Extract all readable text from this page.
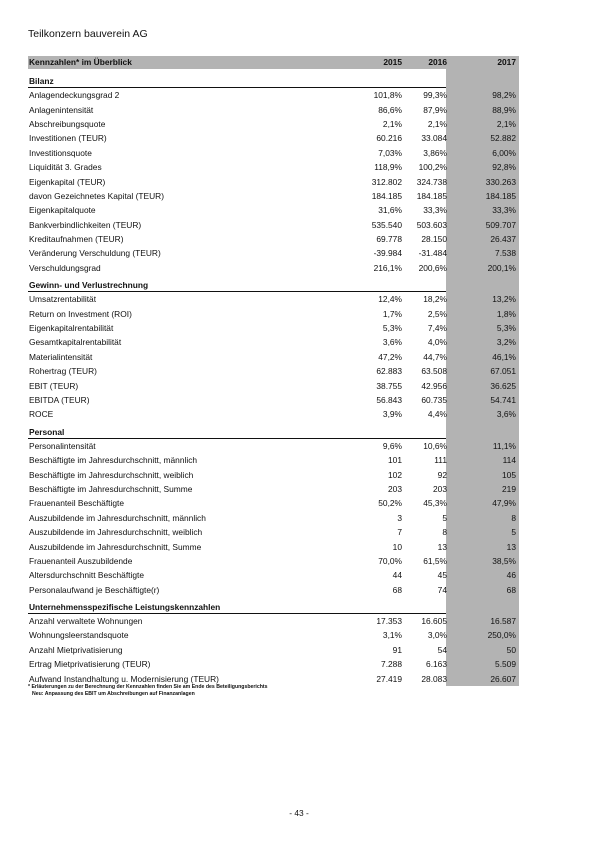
Teilkonzern bauverein AG
Kennzahlen* im Überblick	2015	2016	2017
Bilanz
Anlagendeckungsgrad 2	101,8%	99,3%	98,2%
Anlagenintensität	86,6%	87,9%	88,9%
Abschreibungsquote	2,1%	2,1%	2,1%
Investitionen (TEUR)	60.216	33.084	52.882
Investitionsquote	7,03%	3,86%	6,00%
Liquidität 3. Grades	118,9%	100,2%	92,8%
Eigenkapital (TEUR)	312.802	324.738	330.263
davon Gezeichnetes Kapital (TEUR)	184.185	184.185	184.185
Eigenkapitalquote	31,6%	33,3%	33,3%
Bankverbindlichkeiten (TEUR)	535.540	503.603	509.707
Kreditaufnahmen (TEUR)	69.778	28.150	26.437
Veränderung Verschuldung (TEUR)	-39.984	-31.484	7.538
Verschuldungsgrad	216,1%	200,6%	200,1%
Gewinn- und Verlustrechnung
Umsatzrentabilität	12,4%	18,2%	13,2%
Return on Investment (ROI)	1,7%	2,5%	1,8%
Eigenkapitalrentabilität	5,3%	7,4%	5,3%
Gesamtkapitalrentabilität	3,6%	4,0%	3,2%
Materialintensität	47,2%	44,7%	46,1%
Rohertrag (TEUR)	62.883	63.508	67.051
EBIT (TEUR)	38.755	42.956	36.625
EBITDA (TEUR)	56.843	60.735	54.741
ROCE	3,9%	4,4%	3,6%
Personal
Personalintensität	9,6%	10,6%	11,1%
Beschäftigte im Jahresdurchschnitt, männlich	101	111	114
Beschäftigte im Jahresdurchschnitt, weiblich	102	92	105
Beschäftigte im Jahresdurchschnitt, Summe	203	203	219
Frauenanteil Beschäftigte	50,2%	45,3%	47,9%
Auszubildende im Jahresdurchschnitt, männlich	3	5	8
Auszubildende im Jahresdurchschnitt, weiblich	7	8	5
Auszubildende im Jahresdurchschnitt, Summe	10	13	13
Frauenanteil Auszubildende	70,0%	61,5%	38,5%
Altersdurchschnitt Beschäftigte	44	45	46
Personalaufwand je Beschäftigte(r)	68	74	68
Unternehmensspezifische Leistungskennzahlen
Anzahl verwaltete Wohnungen	17.353	16.605	16.587
Wohnungsleerstandsquote	3,1%	3,0%	250,0%
Anzahl Mietprivatisierung	91	54	50
Ertrag Mietprivatisierung (TEUR)	7.288	6.163	5.509
Aufwand Instandhaltung u. Modernisierung (TEUR)	27.419	28.083	26.607
* Erläuterungen zu der Berechnung der Kennzahlen finden Sie am Ende des Beteiligungsberichts
Neu: Anpassung des EBIT um Abschreibungen auf Finanzanlagen
- 43 -
